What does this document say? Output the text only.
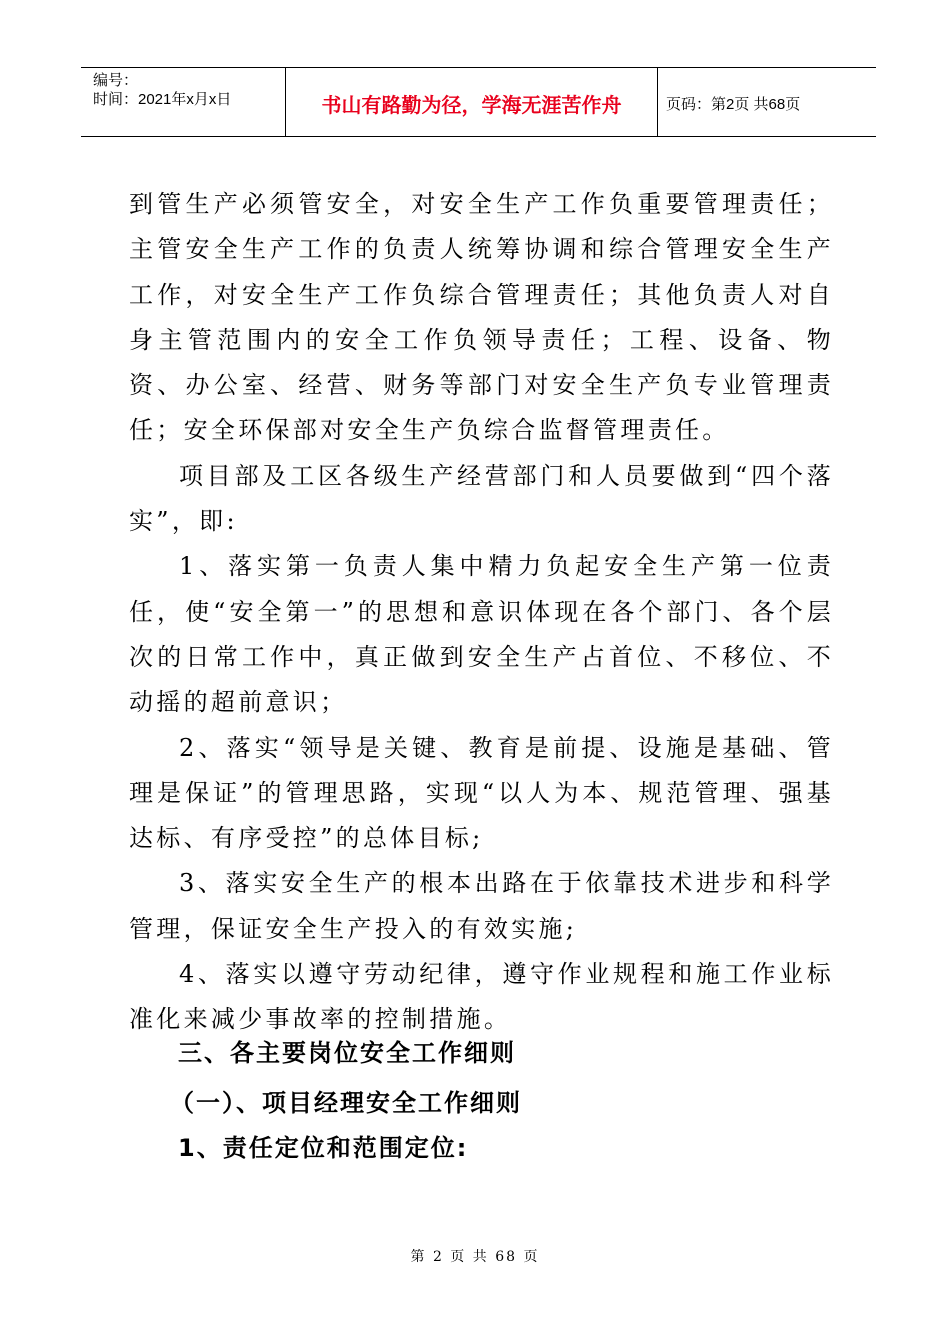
编号：
时间：2021年x月x日	书山有路勤为径，学海无涯苦作舟	页码：第2页 共68页

到管生产必须管安全，对安全生产工作负重要管理责任；主管安全生产工作的负责人统筹协调和综合管理安全生产工作，对安全生产工作负综合管理责任；其他负责人对自身主管范围内的安全工作负领导责任；工程、设备、物资、办公室、经营、财务等部门对安全生产负专业管理责任；安全环保部对安全生产负综合监督管理责任。

项目部及工区各级生产经营部门和人员要做到“四个落实”，即:

1、落实第一负责人集中精力负起安全生产第一位责任，使“安全第一”的思想和意识体现在各个部门、各个层次的日常工作中，真正做到安全生产占首位、不移位、不动摇的超前意识；

2、落实“领导是关键、教育是前提、设施是基础、管理是保证”的管理思路，实现“以人为本、规范管理、强基达标、有序受控”的总体目标;

3、落实安全生产的根本出路在于依靠技术进步和科学管理，保证安全生产投入的有效实施;

4、落实以遵守劳动纪律，遵守作业规程和施工作业标准化来减少事故率的控制措施。

三、各主要岗位安全工作细则
（一）、项目经理安全工作细则
1、责任定位和范围定位:
第 2 页 共 68 页
